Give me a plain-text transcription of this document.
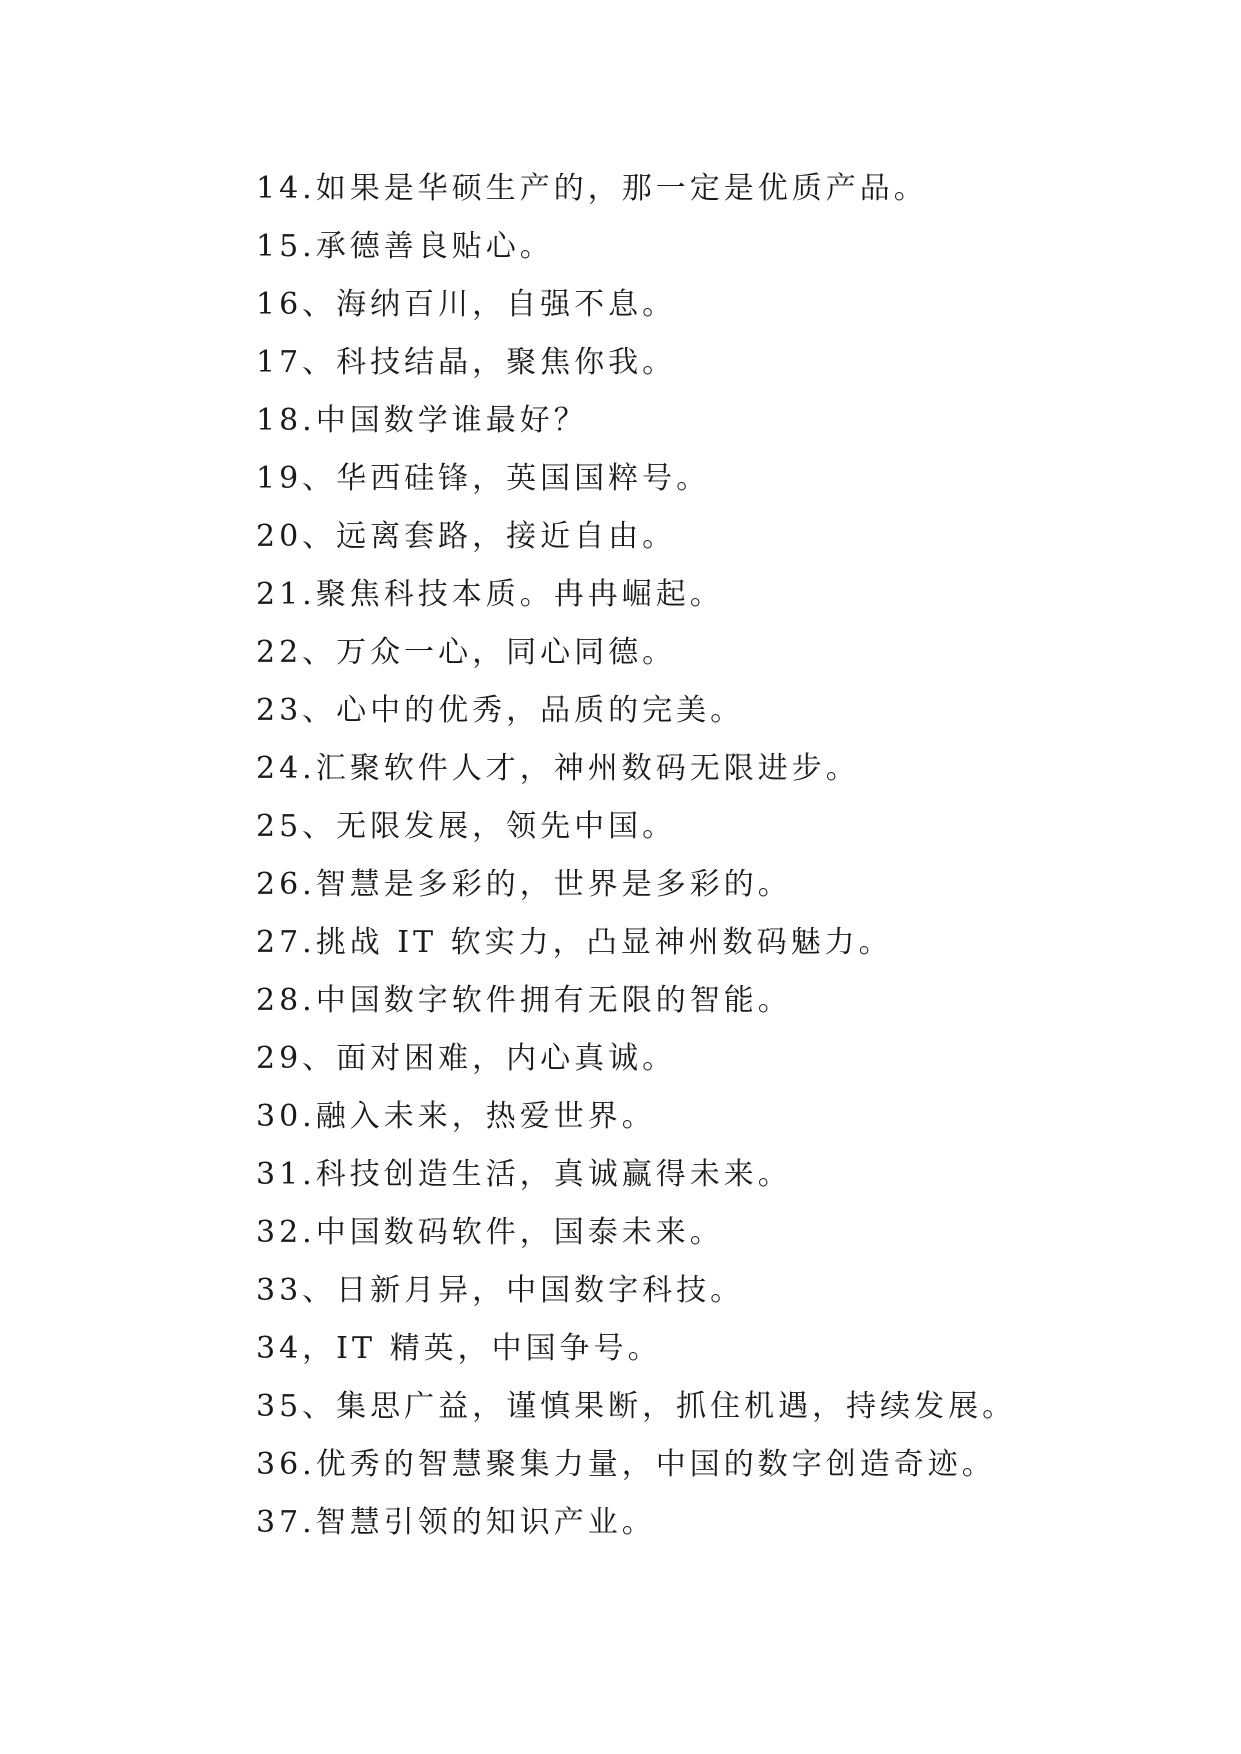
14.如果是华硕生产的，那一定是优质产品。
15.承德善良贴心。
16、海纳百川，自强不息。
17、科技结晶，聚焦你我。
18.中国数学谁最好？
19、华西硅锋，英国国粹号。
20、远离套路，接近自由。
21.聚焦科技本质。冉冉崛起。
22、万众一心，同心同德。
23、心中的优秀，品质的完美。
24.汇聚软件人才，神州数码无限进步。
25、无限发展，领先中国。
26.智慧是多彩的，世界是多彩的。
27.挑战 IT 软实力，凸显神州数码魅力。
28.中国数字软件拥有无限的智能。
29、面对困难，内心真诚。
30.融入未来，热爱世界。
31.科技创造生活，真诚赢得未来。
32.中国数码软件，国泰未来。
33、日新月异，中国数字科技。
34，IT 精英，中国争号。
35、集思广益，谨慎果断，抓住机遇，持续发展。
36.优秀的智慧聚集力量，中国的数字创造奇迹。
37.智慧引领的知识产业。
